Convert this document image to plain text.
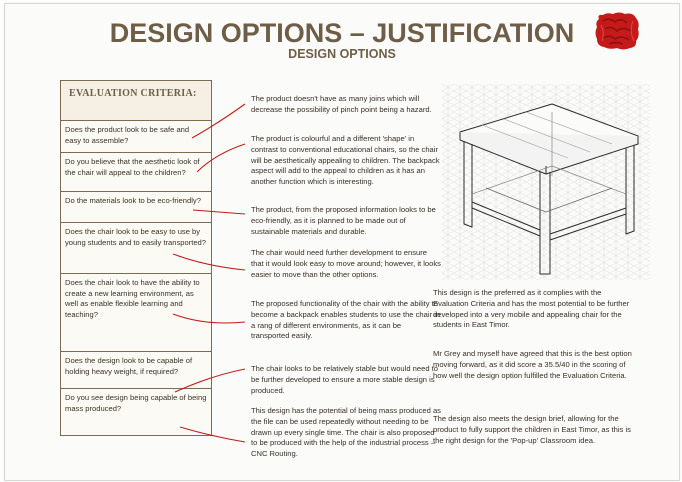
DESIGN OPTIONS – JUSTIFICATION
DESIGN OPTIONS
EVALUATION CRITERIA:
Does the product look to be safe and easy to assemble?
Do you believe that the aesthetic look of the chair will appeal to the children?
Do the materials look to be eco-friendly?
Does the chair look to be easy to use by young students and to easily transported?
Does the chair look to have the ability to create a new learning environment, as well as enable flexible learning and teaching?
Does the design look to be capable of holding heavy weight, if required?
Do you see design being capable of being mass produced?
The product doesn't have as many joins which will decrease the possibility of pinch point being a hazard.
The product is colourful and a different 'shape' in contrast to conventional educational chairs, so the chair will be aesthetically appealing to children. The backpack aspect will add to the appeal to children as it has an another function which is interesting.
The product, from the proposed information looks to be eco-friendly, as it is planned to be made out of sustainable materials and durable.
The chair would need further development to ensure that it would look easy to move around; however, it looks easier to move than the other options.
The proposed functionality of the chair with the ability to become a backpack enables students to use the chair in a rang of different environments, as it can be transported easily.
The chair looks to be relatively stable but would need to be further developed to ensure a more stable design is produced.
This design has the potential of being mass produced as the file can be used repeatedly without needing to be drawn up every single time. The chair is also proposed to be produced with the help of the industrial process – CNC Routing.
This design is the preferred as it complies with the Evaluation Criteria and has the most potential to be further developed into a very mobile and appealing chair for the students in East Timor.
Mr Grey and myself have agreed that this is the best option moving forward, as it did score a 35.5/40 in the scoring of how well the design option fulfilled the Evaluation Criteria.
The design also meets the design brief, allowing for the product to fully support the children in East Timor, as this is the right design for the 'Pop-up' Classroom idea.
